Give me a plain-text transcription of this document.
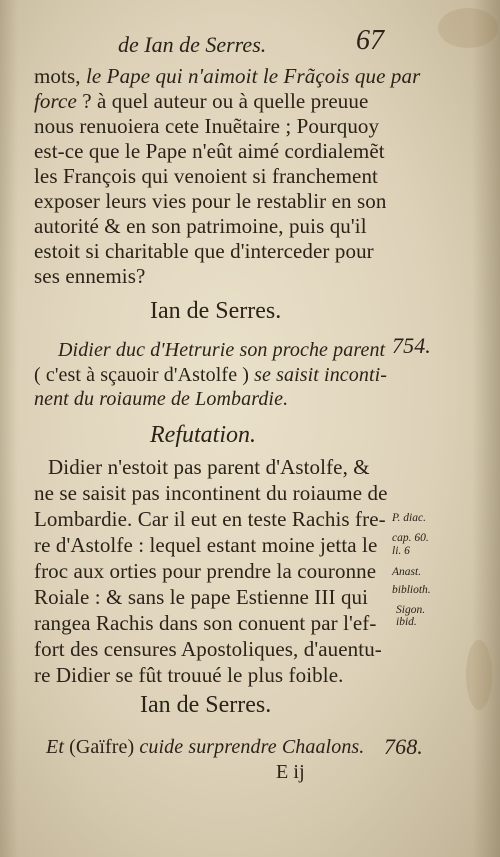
de Ian de Serres.	67
mots, le Pape qui n'aimoit le Frãçois que par
force ? à quel auteur ou à quelle preuue
nous renuoiera cete Inuẽtaire ; Pourquoy
est-ce que le Pape n'eût aimé cordialemẽt
les François qui venoient si franchement
exposer leurs vies pour le restablir en son
autorité & en son patrimoine, puis qu'il
estoit si charitable que d'interceder pour
ses ennemis?
Ian de Serres.
Didier duc d'Hetrurie son proche parent 754.
( c'est à sçauoir d'Astolfe ) se saisit inconti-
nent du roiaume de Lombardie.
Refutation.
Didier n'estoit pas parent d'Astolfe, &
ne se saisit pas incontinent du roiaume de
Lombardie. Car il eut en teste Rachis fre-
re d'Astolfe : lequel estant moine jetta le
froc aux orties pour prendre la couronne
Roiale : & sans le pape Estienne III qui
rangea Rachis dans son conuent par l'ef-
fort des censures Apostoliques, d'auentu-
re Didier se fût trouué le plus foible.
P. diac.
cap. 60.
li. 6
Anast.
biblioth.
Sigon.
ibid.
Ian de Serres.
Et (Gaïfre) cuide surprendre Chaalons. 768.
E ij
